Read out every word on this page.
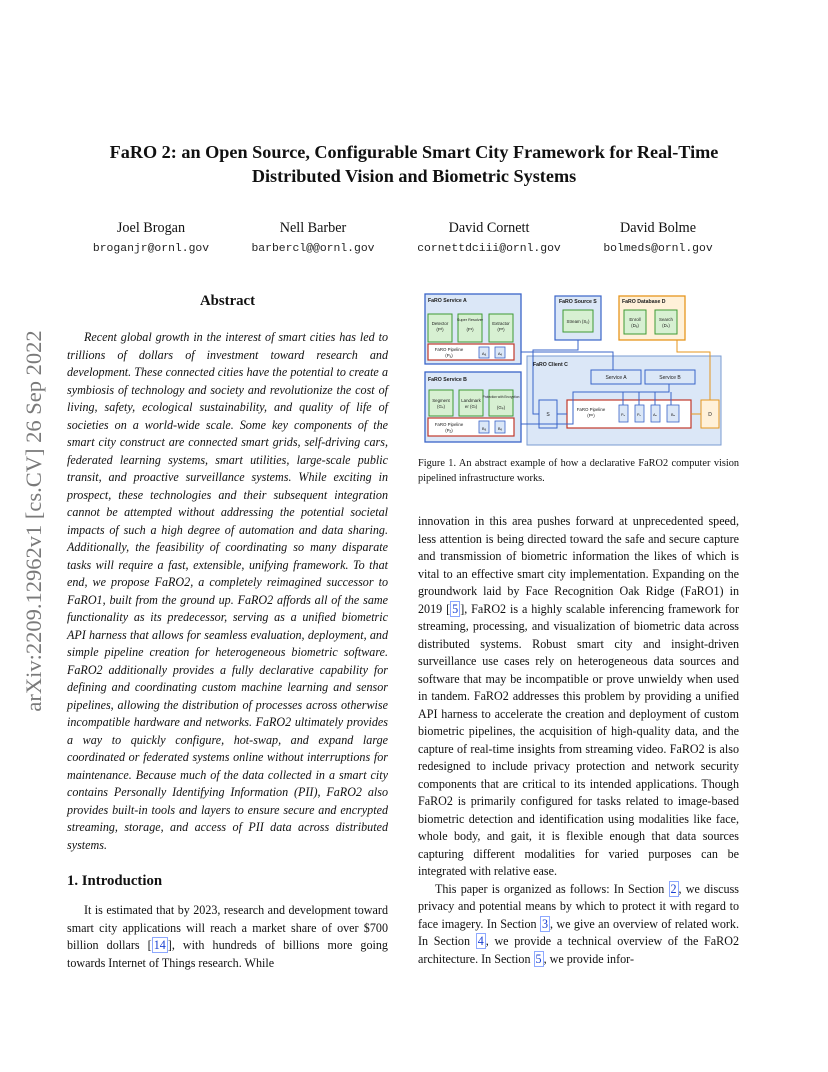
arXiv:2209.12962v1 [cs.CV] 26 Sep 2022
FaRO 2: an Open Source, Configurable Smart City Framework for Real-Time
Distributed Vision and Biometric Systems
Joel Brogan
broganjr@ornl.gov
Nell Barber
barbercl@@ornl.gov
David Cornett
cornettdciii@ornl.gov
David Bolme
bolmeds@ornl.gov
Abstract

Recent global growth in the interest of smart cities has led to trillions of dollars of investment toward research and development. These connected cities have the potential to create a symbiosis of technology and society and revolutionize the cost of living, safety, ecological sustainability, and quality of life of societies on a world-wide scale. Some key components of the smart city construct are connected smart grids, self-driving cars, federated learning systems, smart utilities, large-scale public transit, and proactive surveillance systems. While exciting in prospect, these technologies and their subsequent integration cannot be attempted without addressing the potential societal impacts of such a high degree of automation and data sharing. Additionally, the feasibility of coordinating so many disparate tasks will require a fast, extensible, unifying framework. To that end, we propose FaRO2, a completely reimagined successor to FaRO1, built from the ground up. FaRO2 affords all of the same functionality as its predecessor, serving as a unified biometric API harness that allows for seamless evaluation, deployment, and simple pipeline creation for heterogeneous biometric software. FaRO2 additionally provides a fully declarative capability for defining and coordinating custom machine learning and sensor pipelines, allowing the distribution of processes across otherwise incompatible hardware and networks. FaRO2 ultimately provides a way to quickly configure, hot-swap, and expand large coordinated or federated systems online without interruptions for maintenance. Because much of the data collected in a smart city contains Personally Identifying Information (PII), FaRO2 also provides built-in tools and layers to ensure secure and encrypted streaming, storage, and access of PII data across distributed systems.

1. Introduction

It is estimated that by 2023, research and development toward smart city applications will reach a market share of over $700 billion dollars [ 14 ], with hundreds of billions more going towards Internet of Things research. While

FaRO Service A
FaRO Service B
FaRO Source S	FaRO Database D
FaRO Client C
Detector
(Fᵈ)
Super Resolver
(Fˢ)
Extractor
(Fᵉ)
FaRO Pipeline
(Pₐ)	Aₐ	Aₑ
Segment
(Gₛ)
Landmark
er (Gₗ)
Protection with Encryption
(Gₚ)
FaRO Pipeline
(Pᵦ)	Bₐ	Bₑ
Stream (Sₒ)	Enroll
(Dₑ)
Search
(Dₛ)
Service A	Service B
S
FaRO Pipeline
(Pᶜ)	Pₐ	Pₑ	Aₑ	Bₐ	D
Figure 1. An abstract example of how a declarative FaRO2 computer vision pipelined infrastructure works.

innovation in this area pushes forward at unprecedented speed, less attention is being directed toward the safe and secure capture and transmission of biometric information the likes of which is vital to an effective smart city implementation. Expanding on the groundwork laid by Face Recognition Oak Ridge (FaRO1) in 2019 [ 5 ], FaRO2 is a highly scalable inferencing framework for streaming, processing, and visualization of biometric data across distributed systems. Robust smart city and insight-driven surveillance use cases rely on heterogeneous data sources and software that may be incompatible or prove unwieldy when used in tandem. FaRO2 addresses this problem by providing a unified API harness to accelerate the creation and deployment of custom biometric pipelines, the acquisition of high-quality data, and the capture of real-time insights from streaming video. FaRO2 is also redesigned to include privacy protection and network security components that are critical to its intended applications. Though FaRO2 is primarily configured for tasks related to image-based biometric detection and identification using modalities like face, whole body, and gait, it is flexible enough that data sources capturing different modalities for varied purposes can be integrated with relative ease.

This paper is organized as follows: In Section 2 , we discuss privacy and potential means by which to protect it with regard to face imagery. In Section 3 , we give an overview of related work. In Section 4 , we provide a technical overview of the FaRO2 architecture. In Section 5 , we provide infor-
